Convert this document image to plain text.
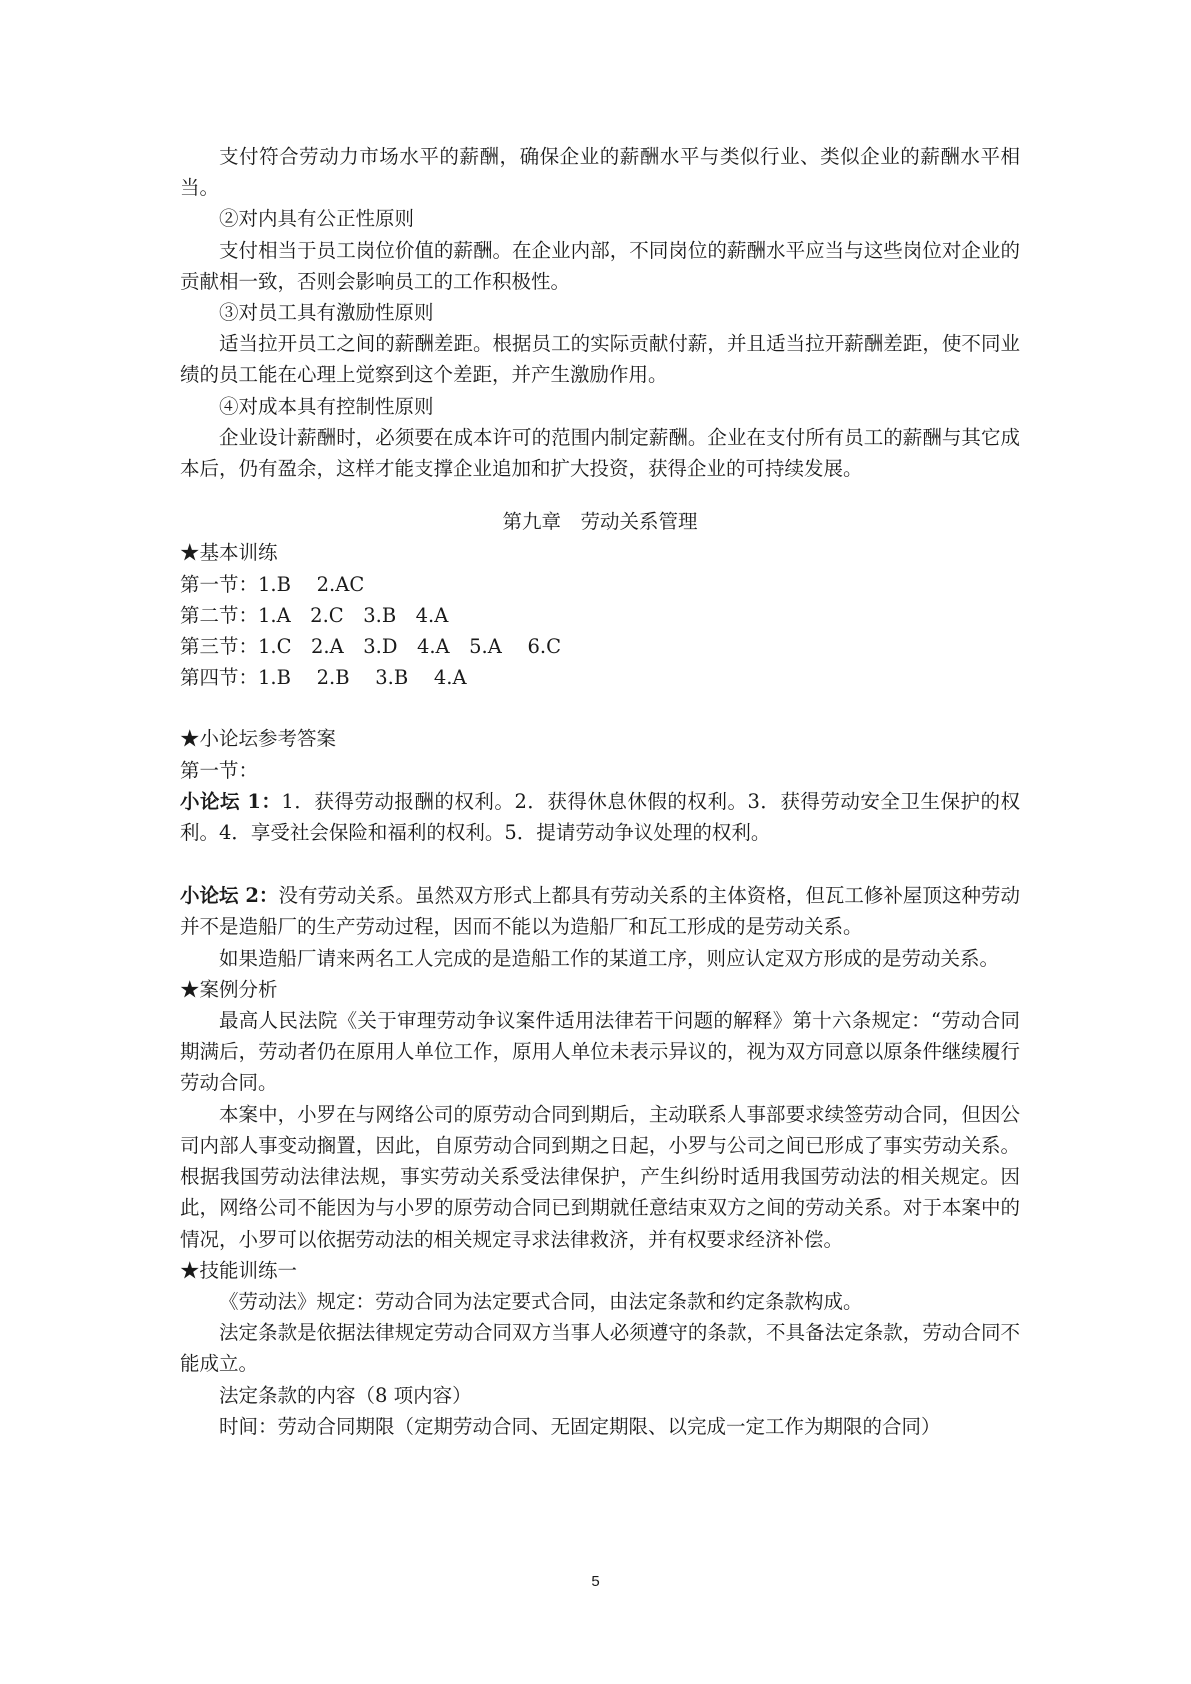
支付符合劳动力市场水平的薪酬，确保企业的薪酬水平与类似行业、类似企业的薪酬水平相当。

②对内具有公正性原则

支付相当于员工岗位价值的薪酬。在企业内部，不同岗位的薪酬水平应当与这些岗位对企业的贡献相一致，否则会影响员工的工作积极性。

③对员工具有激励性原则

适当拉开员工之间的薪酬差距。根据员工的实际贡献付薪，并且适当拉开薪酬差距，使不同业绩的员工能在心理上觉察到这个差距，并产生激励作用。

④对成本具有控制性原则

企业设计薪酬时，必须要在成本许可的范围内制定薪酬。企业在支付所有员工的薪酬与其它成本后，仍有盈余，这样才能支撑企业追加和扩大投资，获得企业的可持续发展。

第九章　劳动关系管理

★基本训练

第一节：1.B　 2.AC

第二节：1.A　2.C　3.B　4.A

第三节：1.C　2.A　3.D　4.A　5.A　 6.C

第四节：1.B　 2.B　 3.B　 4.A

★小论坛参考答案

第一节：

小论坛 1：1．获得劳动报酬的权利。2．获得休息休假的权利。3．获得劳动安全卫生保护的权利。4．享受社会保险和福利的权利。5．提请劳动争议处理的权利。

小论坛 2：没有劳动关系。虽然双方形式上都具有劳动关系的主体资格，但瓦工修补屋顶这种劳动并不是造船厂的生产劳动过程，因而不能以为造船厂和瓦工形成的是劳动关系。

如果造船厂请来两名工人完成的是造船工作的某道工序，则应认定双方形成的是劳动关系。

★案例分析

最高人民法院《关于审理劳动争议案件适用法律若干问题的解释》第十六条规定：“劳动合同期满后，劳动者仍在原用人单位工作，原用人单位未表示异议的，视为双方同意以原条件继续履行劳动合同。

本案中，小罗在与网络公司的原劳动合同到期后，主动联系人事部要求续签劳动合同，但因公司内部人事变动搁置，因此，自原劳动合同到期之日起，小罗与公司之间已形成了事实劳动关系。根据我国劳动法律法规，事实劳动关系受法律保护，产生纠纷时适用我国劳动法的相关规定。因此，网络公司不能因为与小罗的原劳动合同已到期就任意结束双方之间的劳动关系。对于本案中的情况，小罗可以依据劳动法的相关规定寻求法律救济，并有权要求经济补偿。

★技能训练一

《劳动法》规定：劳动合同为法定要式合同，由法定条款和约定条款构成。

法定条款是依据法律规定劳动合同双方当事人必须遵守的条款，不具备法定条款，劳动合同不能成立。

法定条款的内容（8 项内容）

时间：劳动合同期限（定期劳动合同、无固定期限、以完成一定工作为期限的合同）

5
